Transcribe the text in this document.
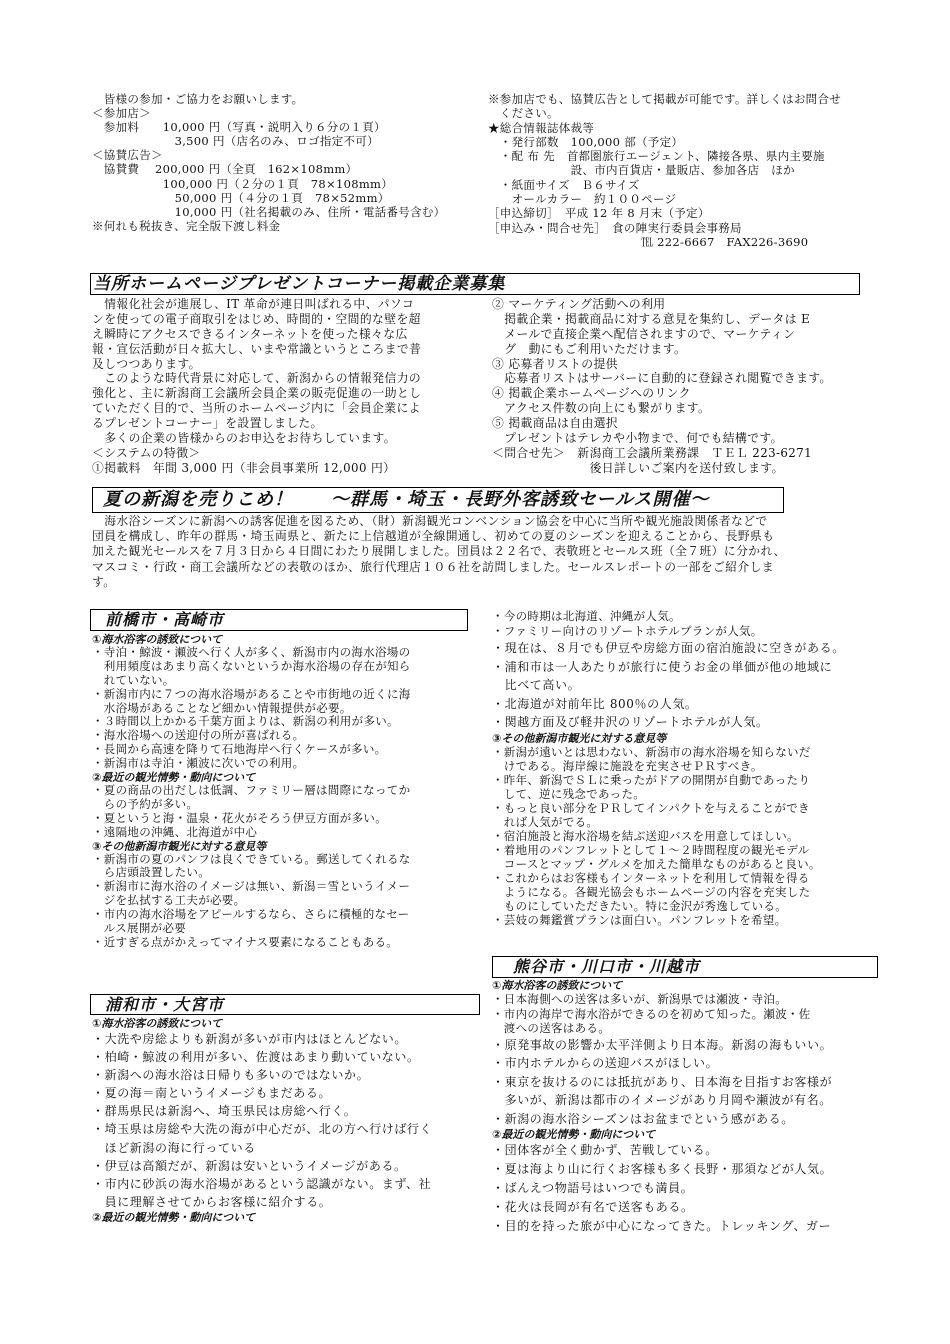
　皆様の参加・ご協力をお願いします。
＜参加店＞
　参加料　　10,000 円（写真・説明入り６分の１頁）
　　　　　　　3,500 円（店名のみ、ロゴ指定不可）
＜協賛広告＞
　協賛費　 200,000 円（全頁　162×108mm）
　　　　　　100,000 円（２分の１頁　78×108mm）
　　　　　　　50,000 円（４分の１頁　78×52mm）
　　　　　　　10,000 円（社名掲載のみ、住所・電話番号含む）
※何れも税抜き、完全版下渡し料金
※参加店でも、協賛広告として掲載が可能です。詳しくはお問合せ
　ください。
★総合情報誌体裁等
　・発行部数　100,000 部（予定）
　・配 布 先　首都圏旅行エージェント、隣接各県、県内主要施
　　　　　　　設、市内百貨店・量販店、参加各店　ほか
　・紙面サイズ　Ｂ６サイズ
　　オールカラー　約１００ページ
［申込締切］　平成 12 年 8 月末（予定）
［申込み・問合せ先］　食の陣実行委員会事務局
　　　　　　　　　　　　　℡ 222-6667　FAX226-3690
当所ホームページプレゼントコーナー掲載企業募集
　情報化社会が進展し、IT 革命が連日叫ばれる中、パソコ
ンを使っての電子商取引をはじめ、時間的・空間的な壁を超
え瞬時にアクセスできるインターネットを使った様々な広
報・宣伝活動が日々拡大し、いまや常識というところまで普
及しつつあります。
　このような時代背景に対応して、新潟からの情報発信力の
強化と、主に新潟商工会議所会員企業の販売促進の一助とし
ていただく目的で、当所のホームページ内に「会員企業によ
るプレゼントコーナー」を設置しました。
　多くの企業の皆様からのお申込をお待ちしています。
＜システムの特徴＞
①掲載料　年間 3,000 円（非会員事業所 12,000 円）
② マーケティング活動への利用
　掲載企業・掲載商品に対する意見を集約し、データは E
　メールで直接企業へ配信されますので、マーケティン
　グ　動にもご利用いただけます。
③ 応募者リストの提供
　応募者リストはサーバーに自動的に登録され閲覧できます。
④ 掲載企業ホームページへのリンク
　アクセス件数の向上にも繋がります。
⑤ 掲載商品は自由選択
　プレゼントはテレカや小物まで、何でも結構です。
＜問合せ先＞　新潟商工会議所業務課　ＴＥＬ 223-6271
　　　　　　　　後日詳しいご案内を送付致します。
夏の新潟を売りこめ！　　～群馬・埼玉・長野外客誘致セールス開催～
　海水浴シーズンに新潟への誘客促進を図るため、（財）新潟観光コンベンション協会を中心に当所や観光施設関係者などで
団員を構成し、昨年の群馬・埼玉両県と、新たに上信越道が全線開通し、初めての夏のシーズンを迎えることから、長野県も
加えた観光セールスを７月３日から４日間にわたり展開しました。団員は２２名で、表敬班とセールス班（全７班）に分かれ、
マスコミ・行政・商工会議所などの表敬のほか、旅行代理店１０６社を訪問しました。セールスレポートの一部をご紹介しま
す。
前橋市・高崎市
①海水浴客の誘致について
・寺泊・鯨波・瀬波へ行く人が多く、新潟市内の海水浴場の
　利用頻度はあまり高くないというか海水浴場の存在が知ら
　れていない。
・新潟市内に７つの海水浴場があることや市街地の近くに海
　水浴場があることなど細かい情報提供が必要。
・３時間以上かかる千葉方面よりは、新潟の利用が多い。
・海水浴場への送迎付の所が喜ばれる。
・長岡から高速を降りて石地海岸へ行くケースが多い。
・新潟市は寺泊・瀬波に次いでの利用。
②最近の観光情勢・動向について
・夏の商品の出だしは低調、ファミリー層は間際になってか
　らの予約が多い。
・夏というと海・温泉・花火がそろう伊豆方面が多い。
・遠隔地の沖縄、北海道が中心
③その他新潟市観光に対する意見等
・新潟市の夏のパンフは良くできている。郵送してくれるな
　ら店頭設置したい。
・新潟市に海水浴のイメージは無い、新潟＝雪というイメー
　ジを払拭する工夫が必要。
・市内の海水浴場をアピールするなら、さらに積極的なセー
　ルス展開が必要
・近すぎる点がかえってマイナス要素になることもある。
浦和市・大宮市
①海水浴客の誘致について
・大洗や房総よりも新潟が多いが市内はほとんどない。
・柏崎・鯨波の利用が多い、佐渡はあまり動いていない。
・新潟への海水浴は日帰りも多いのではないか。
・夏の海＝南というイメージもまだある。
・群馬県民は新潟へ、埼玉県民は房総へ行く。
・埼玉県は房総や大洗の海が中心だが、北の方へ行けば行く
　ほど新潟の海に行っている
・伊豆は高額だが、新潟は安いというイメージがある。
・市内に砂浜の海水浴場があるという認識がない。まず、社
　員に理解させてからお客様に紹介する。
②最近の観光情勢・動向について
・今の時期は北海道、沖縄が人気。
・ファミリー向けのリゾートホテルプランが人気。
・現在は、８月でも伊豆や房総方面の宿泊施設に空きがある。
・浦和市は一人あたりが旅行に使うお金の単価が他の地域に
　比べて高い。
・北海道が対前年比 800％の人気。
・関越方面及び軽井沢のリゾートホテルが人気。
③その他新潟市観光に対する意見等
・新潟が遠いとは思わない、新潟市の海水浴場を知らないだ
　けである。海岸線に施設を充実させＰＲすべき。
・昨年、新潟でＳＬに乗ったがドアの開閉が自動であったり
　して、逆に残念であった。
・もっと良い部分をＰＲしてインパクトを与えることができ
　れば人気がでる。
・宿泊施設と海水浴場を結ぶ送迎バスを用意してほしい。
・着地用のパンフレットとして１～２時間程度の観光モデル
　コースとマップ・グルメを加えた簡単なものがあると良い。
・これからはお客様もインターネットを利用して情報を得る
　ようになる。各観光協会もホームページの内容を充実した
　ものにしていただきたい。特に金沢が秀逸している。
・芸妓の舞鑑賞プランは面白い。パンフレットを希望。
熊谷市・川口市・川越市
①海水浴客の誘致について
・日本海側への送客は多いが、新潟県では瀬波・寺泊。
・市内の海岸で海水浴ができるのを初めて知った。瀬波・佐
　渡への送客はある。
・原発事故の影響か太平洋側より日本海。新潟の海もいい。
・市内ホテルからの送迎バスがほしい。
・東京を抜けるのには抵抗があり、日本海を目指すお客様が
　多いが、新潟は都市のイメージがあり月岡や瀬波が有名。
・新潟の海水浴シーズンはお盆までという感がある。
②最近の観光情勢・動向について
・団体客が全く動かず、苦戦している。
・夏は海より山に行くお客様も多く長野・那須などが人気。
・ばんえつ物語号はいつでも満員。
・花火は長岡が有名で送客もある。
・目的を持った旅が中心になってきた。トレッキング、ガー
